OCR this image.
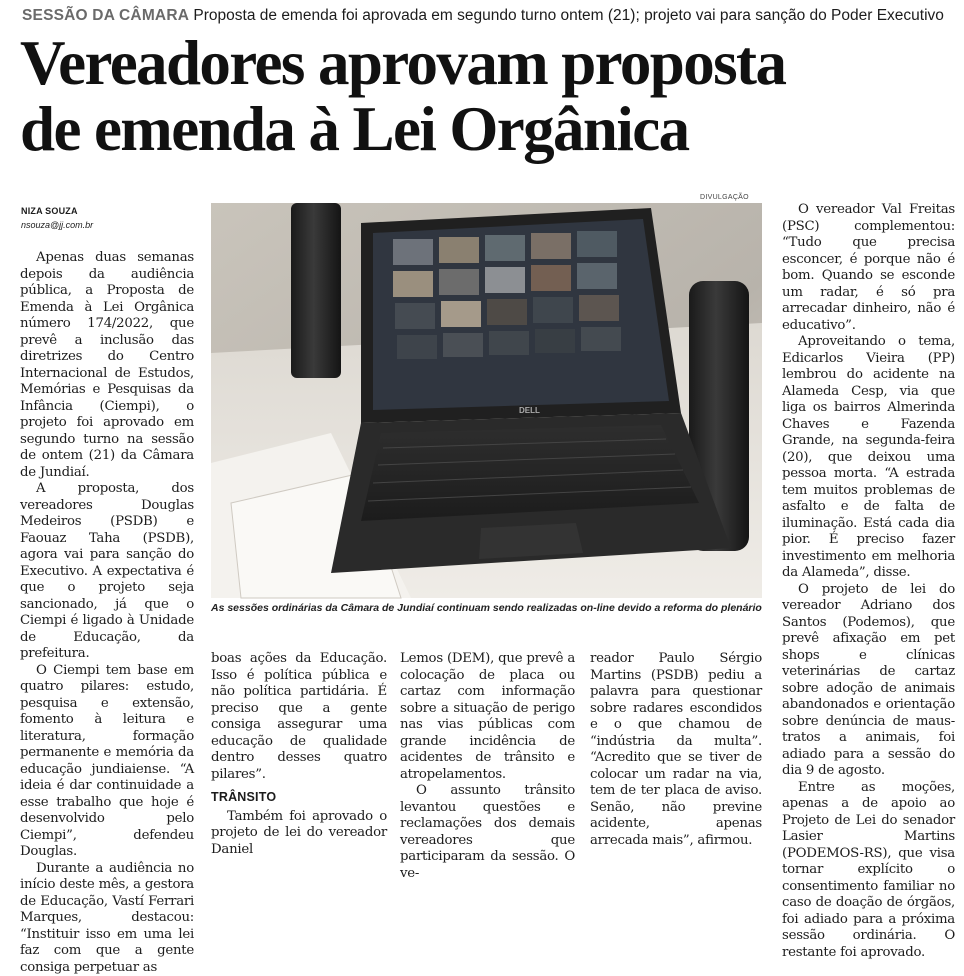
SESSÃO DA CÂMARA Proposta de emenda foi aprovada em segundo turno ontem (21); projeto vai para sanção do Poder Executivo
Vereadores aprovam proposta
de emenda à Lei Orgânica
NIZA SOUZA
nsouza@jj.com.br

Apenas duas semanas depois da audiência pública, a Proposta de Emenda à Lei Orgânica número 174/2022, que prevê a inclusão das diretrizes do Centro Internacional de Estudos, Memórias e Pesquisas da Infância (Ciempi), o projeto foi aprovado em segundo turno na sessão de ontem (21) da Câmara de Jundiaí.

A proposta, dos vereadores Douglas Medeiros (PSDB) e Faouaz Taha (PSDB), agora vai para sanção do Executivo. A expectativa é que o projeto seja sancionado, já que o Ciempi é ligado à Unidade de Educação, da prefeitura.

O Ciempi tem base em quatro pilares: estudo, pesquisa e extensão, fomento à leitura e literatura, formação permanente e memória da educação jundiaiense. “A ideia é dar continuidade a esse trabalho que hoje é desenvolvido pelo Ciempi”, defendeu Douglas.

Durante a audiência no início deste mês, a gestora de Educação, Vastí Ferrari Marques, destacou: “Instituir isso em uma lei faz com que a gente consiga perpetuar as

DIVULGAÇÃO
DELL
As sessões ordinárias da Câmara de Jundiaí continuam sendo realizadas on-line devido a reforma do plenário

boas ações da Educação. Isso é política pública e não política partidária. É preciso que a gente consiga assegurar uma educação de qualidade dentro desses quatro pilares”.

TRÂNSITO

Também foi aprovado o projeto de lei do vereador Daniel

Lemos (DEM), que prevê a colocação de placa ou cartaz com informação sobre a situação de perigo nas vias públicas com grande incidência de acidentes de trânsito e atropelamentos.

O assunto trânsito levantou questões e reclamações dos demais vereadores que participaram da sessão. O ve-

reador Paulo Sérgio Martins (PSDB) pediu a palavra para questionar sobre radares escondidos e o que chamou de “indústria da multa”. “Acredito que se tiver de colocar um radar na via, tem de ter placa de aviso. Senão, não previne acidente, apenas arrecada mais”, afirmou.

O vereador Val Freitas (PSC) complementou: “Tudo que precisa esconcer, é porque não é bom. Quando se esconde um radar, é só pra arrecadar dinheiro, não é educativo”.

Aproveitando o tema, Edicarlos Vieira (PP) lembrou do acidente na Alameda Cesp, via que liga os bairros Almerinda Chaves e Fazenda Grande, na segunda-feira (20), que deixou uma pessoa morta. “A estrada tem muitos problemas de asfalto e de falta de iluminação. Está cada dia pior. É preciso fazer investimento em melhoria da Alameda”, disse.

O projeto de lei do vereador Adriano dos Santos (Podemos), que prevê afixação em pet shops e clínicas veterinárias de cartaz sobre adoção de animais abandonados e orientação sobre denúncia de maus-tratos a animais, foi adiado para a sessão do dia 9 de agosto.

Entre as moções, apenas a de apoio ao Projeto de Lei do senador Lasier Martins (PODEMOS-RS), que visa tornar explícito o consentimento familiar no caso de doação de órgãos, foi adiado para a próxima sessão ordinária. O restante foi aprovado.
